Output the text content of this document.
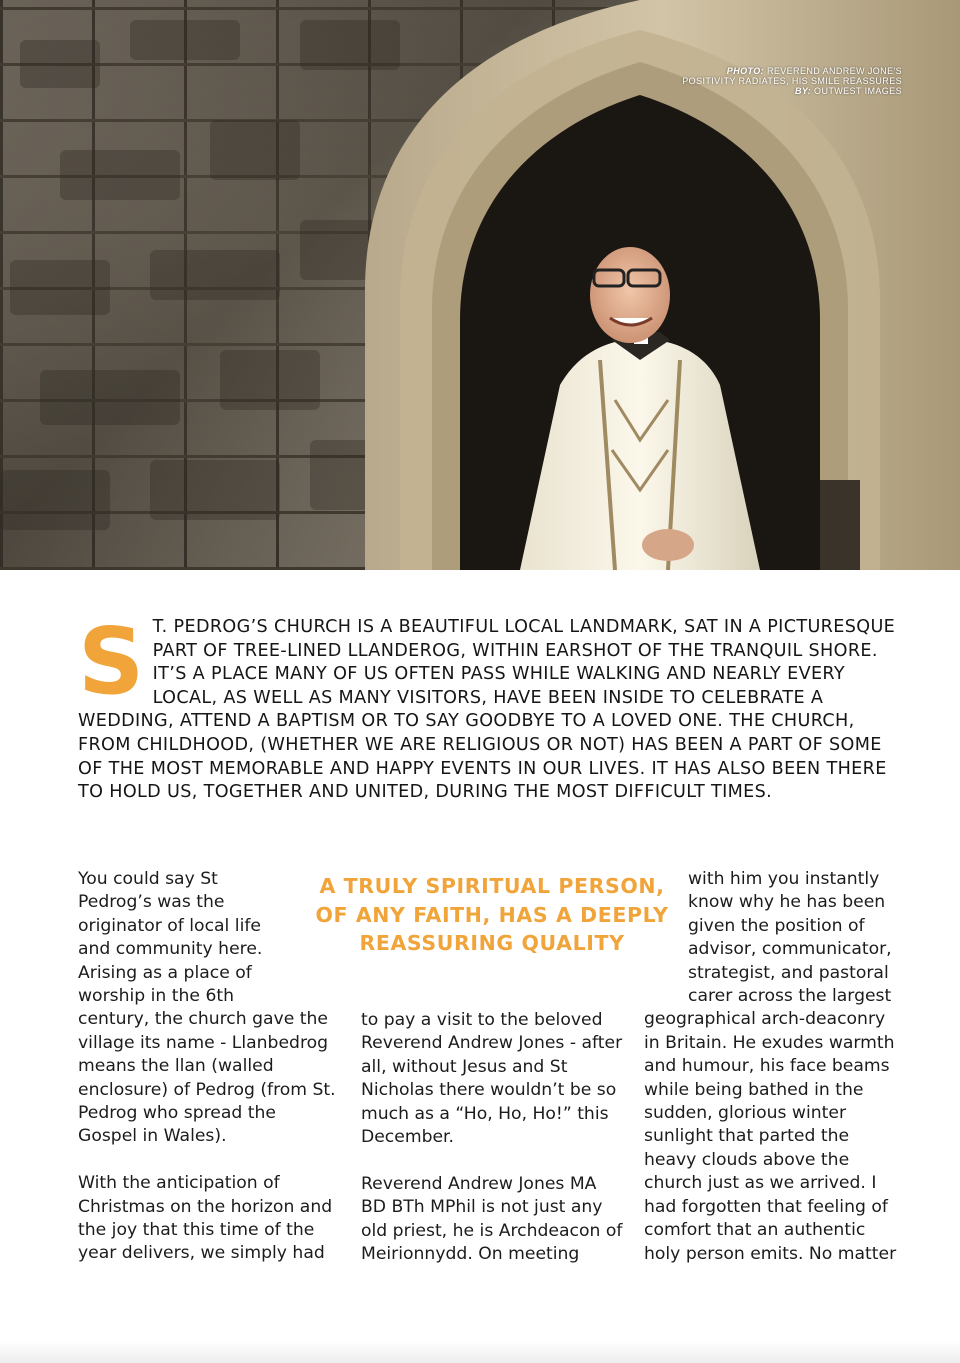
PHOTO: REVEREND ANDREW JONE'S POSITIVITY RADIATES, HIS SMILE REASSURES
BY: OUTWEST IMAGES

ST. PEDROG’S CHURCH IS A BEAUTIFUL LOCAL LANDMARK, SAT IN A PICTURESQUE PART OF TREE-LINED LLANDEROG, WITHIN EARSHOT OF THE TRANQUIL SHORE. IT’S A PLACE MANY OF US OFTEN PASS WHILE WALKING AND NEARLY EVERY LOCAL, AS WELL AS MANY VISITORS, HAVE BEEN INSIDE TO CELEBRATE A WEDDING, ATTEND A BAPTISM OR TO SAY GOODBYE TO A LOVED ONE. THE CHURCH, FROM CHILDHOOD, (WHETHER WE ARE RELIGIOUS OR NOT) HAS BEEN A PART OF SOME OF THE MOST MEMORABLE AND HAPPY EVENTS IN OUR LIVES. IT HAS ALSO BEEN THERE TO HOLD US, TOGETHER AND UNITED, DURING THE MOST DIFFICULT TIMES.

A TRULY SPIRITUAL PERSON,
OF ANY FAITH, HAS A DEEPLY
REASSURING QUALITY

You could say St
Pedrog’s was the
originator of local life
and community here.
Arising as a place of
worship in the 6th
century, the church gave the village its name - Llanbedrog means the llan (walled enclosure) of Pedrog (from St. Pedrog who spread the Gospel in Wales).

With the anticipation of Christmas on the horizon and the joy that this time of the year delivers, we simply had

to pay a visit to the beloved Reverend Andrew Jones - after all, without Jesus and St Nicholas there wouldn’t be so much as a “Ho, Ho, Ho!” this December.

Reverend Andrew Jones MA BD BTh MPhil is not just any old priest, he is Archdeacon of Meirionnydd. On meeting

with him you instantly
know why he has been
given the position of
advisor, communicator,
strategist, and pastoral
carer across the largest

geographical arch-deaconry in Britain. He exudes warmth and humour, his face beams while being bathed in the sudden, glorious winter sunlight that parted the heavy clouds above the church just as we arrived. I had forgotten that feeling of comfort that an authentic holy person emits. No matter
